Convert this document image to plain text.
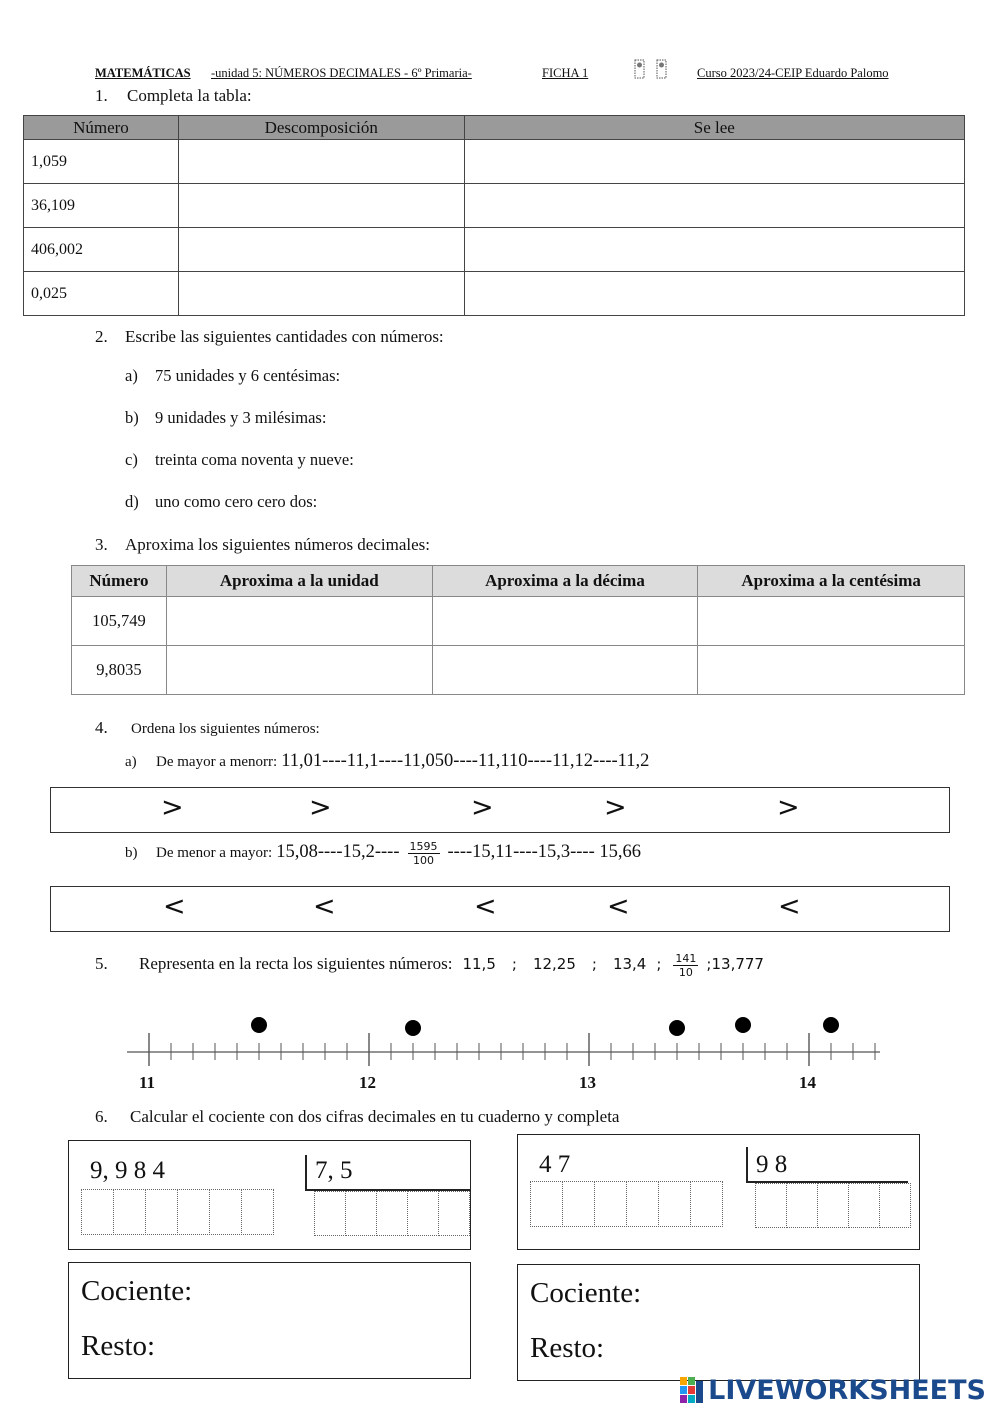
MATEMÁTICAS -unidad 5: NÚMEROS DECIMALES - 6º Primaria-	FICHA 1	Curso 2023/24-CEIP Eduardo Palomo
1. Completa la tabla:
Número	Descomposición	Se lee
1,059		
36,109		
406,002		
0,025		
2. Escribe las siguientes cantidades con números:
a) 75 unidades y 6 centésimas:
b) 9 unidades y 3 milésimas:
c) treinta coma noventa y nueve:
d) uno como cero cero dos:
3. Aproxima los siguientes números decimales:
Número	Aproxima a la unidad	Aproxima a la décima	Aproxima a la centésima
105,749			
9,8035			
4. Ordena los siguientes números:
a) De mayor a menorr: 11,01----11,1----11,050----11,110----11,12----11,2
>	>	>	>	>
b) De menor a mayor: $15,08----15,2---- \frac{1595}{100} ----15,11----15,3----$ 15,66
<	<	<	<	<
5. Representa en la recta los siguientes números: 11,5 ; 12,25 ; 13,4 ; $\frac{141}{10}$ ;13,777
11	12	13	14
6. Calcular el cociente con dos cifras decimales en tu cuaderno y completa
9, 9 8 4	7, 5	4 7	9 8
Cociente:
Resto:
Cociente:
Resto:
LIVEWORKSHEETS
